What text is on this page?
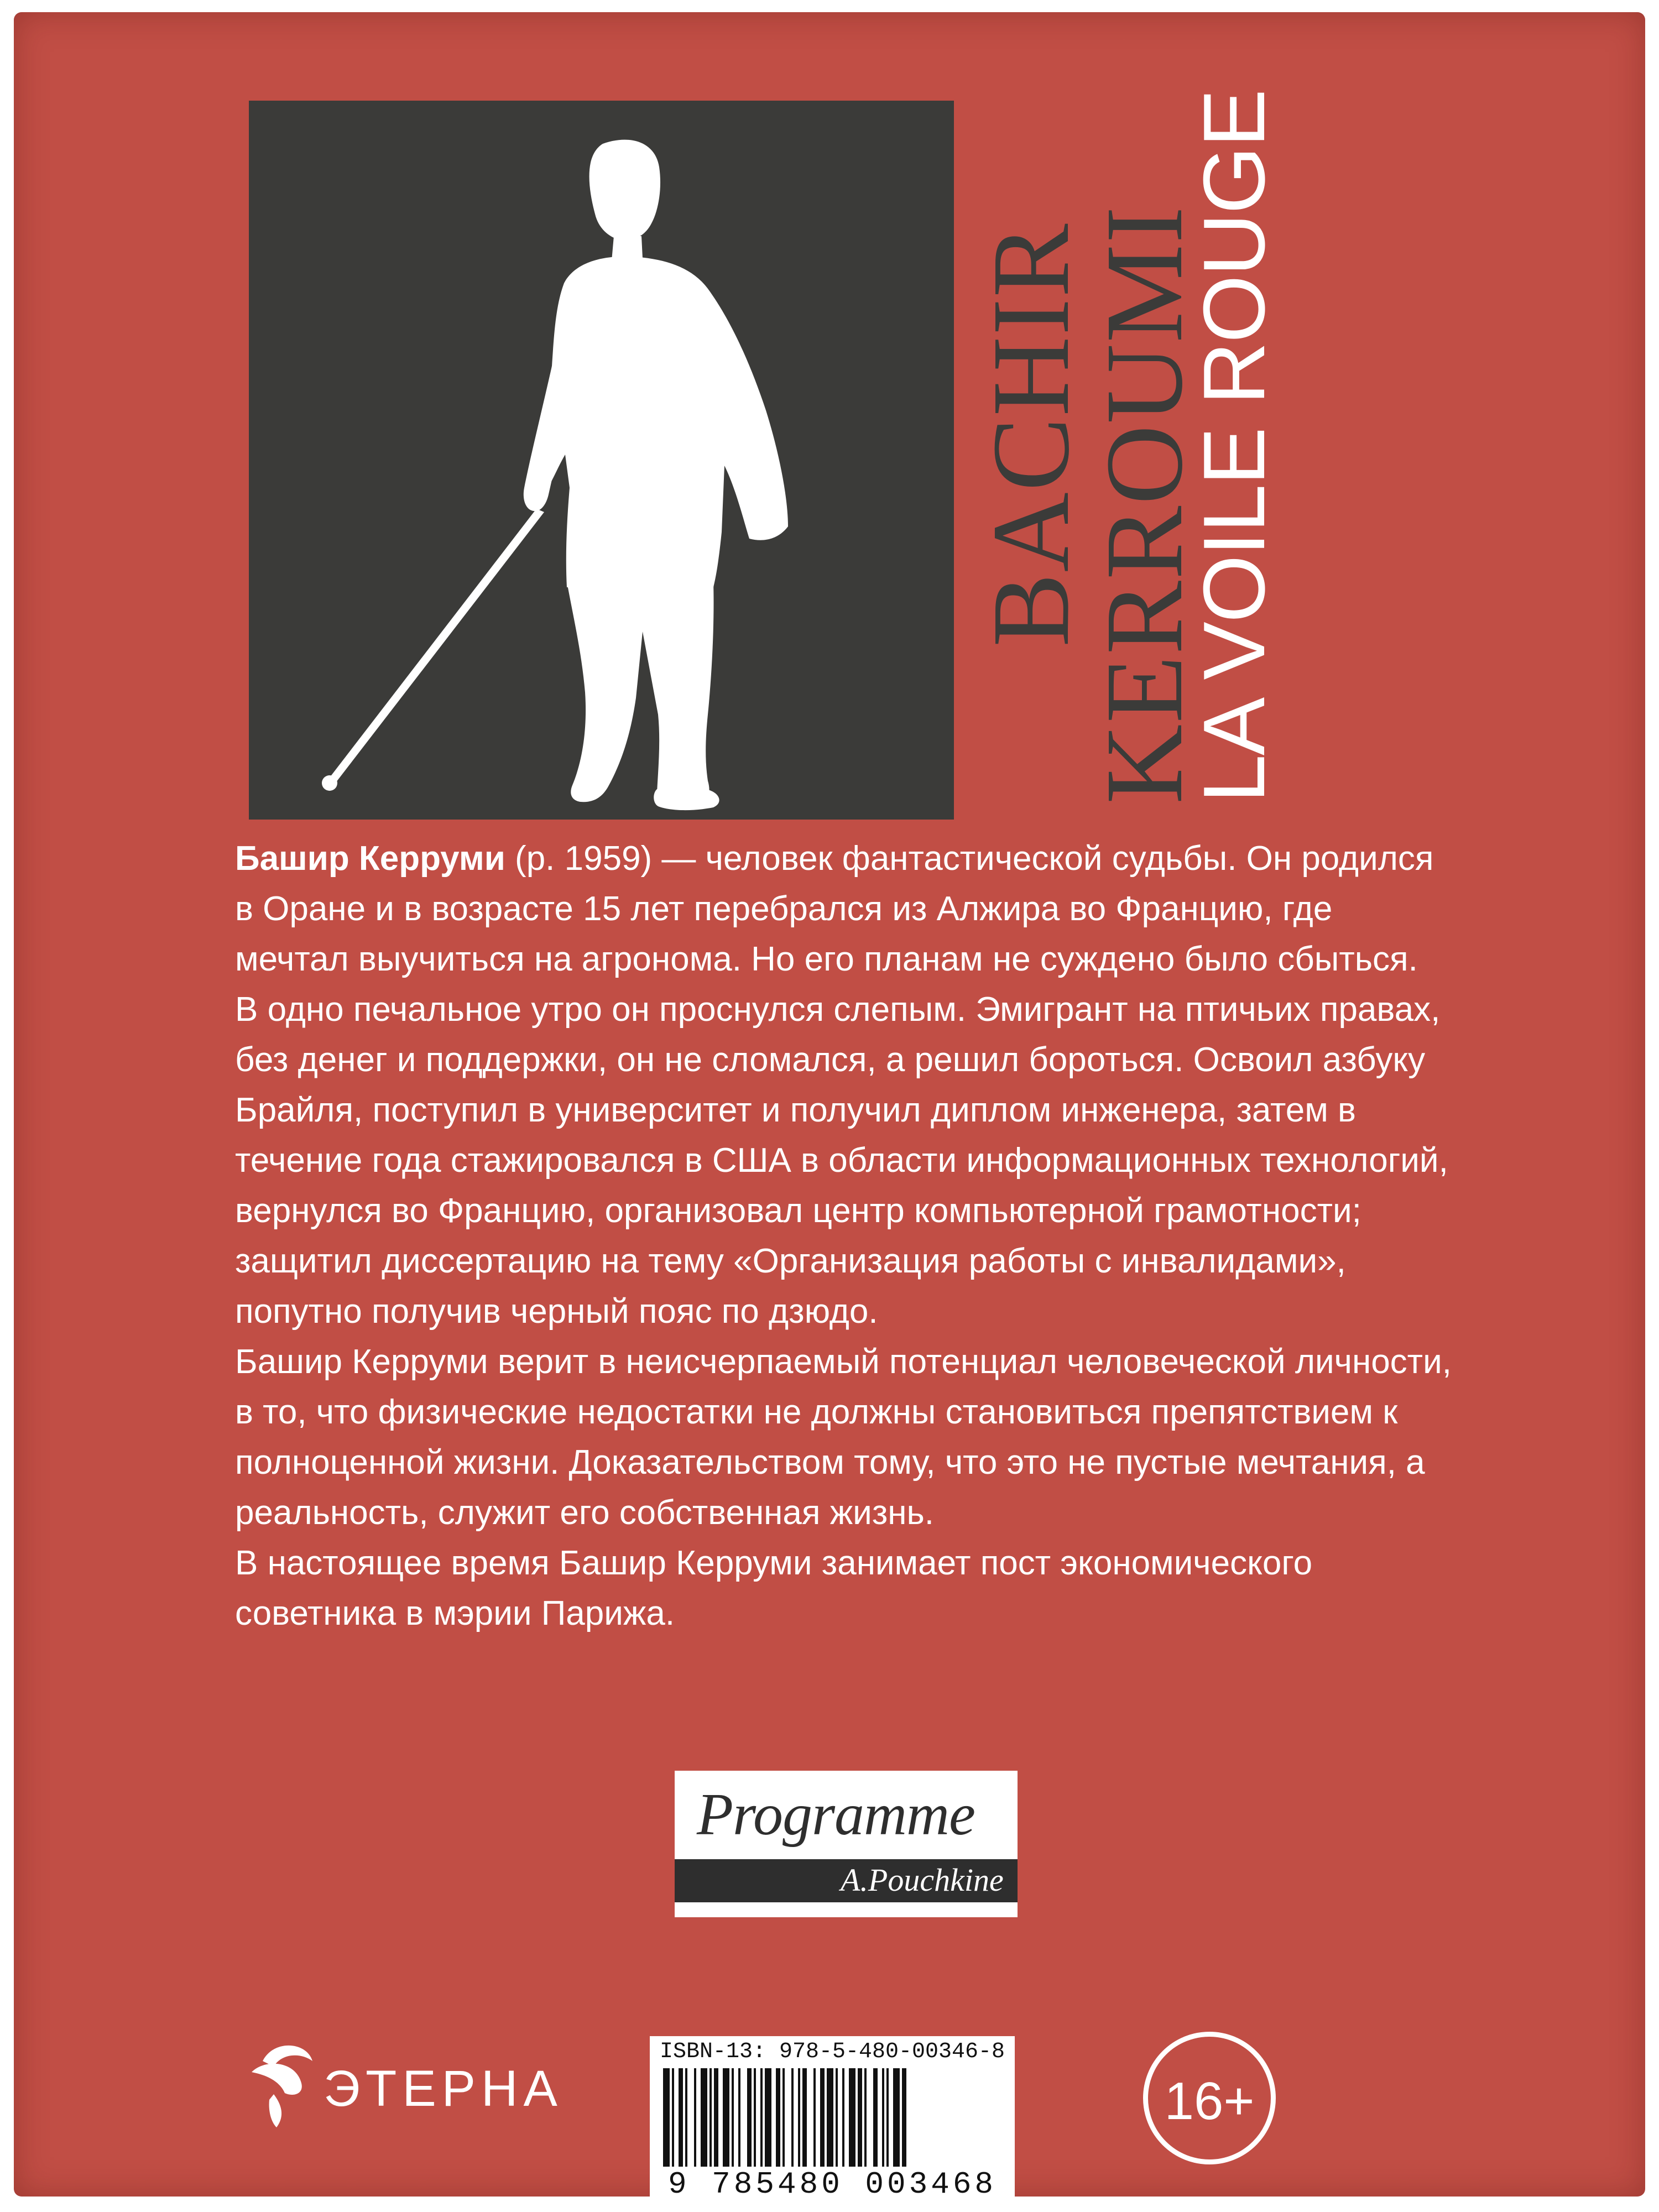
BACHIR
KERROUMI
LA VOILE ROUGE

Башир Керруми (р. 1959) — человек фантастической судьбы. Он родился в Оране и в возрасте 15 лет перебрался из Алжира во Францию, где мечтал выучиться на агронома. Но его планам не суждено было сбыться.

В одно печальное утро он проснулся слепым. Эмигрант на птичьих правах, без денег и поддержки, он не сломался, а решил бороться. Освоил азбуку Брайля, поступил в университет и получил диплом инженера, затем в течение года стажировался в США в области информационных технологий, вернулся во Францию, организовал центр компьютерной грамотности; защитил диссертацию на тему «Организация работы с инвалидами», попутно получив черный пояс по дзюдо.

Башир Керруми верит в неисчерпаемый потенциал человеческой личности, в то, что физические недостатки не должны становиться препятствием к полноценной жизни. Доказательством тому, что это не пустые мечтания, а реальность, служит его собственная жизнь.

В настоящее время Башир Керруми занимает пост экономического советника в мэрии Парижа.

Programme
A.Pouchkine
ЭТЕРНА
ISBN-13: 978-5-480-00346-8
9 785480 003468
16+
